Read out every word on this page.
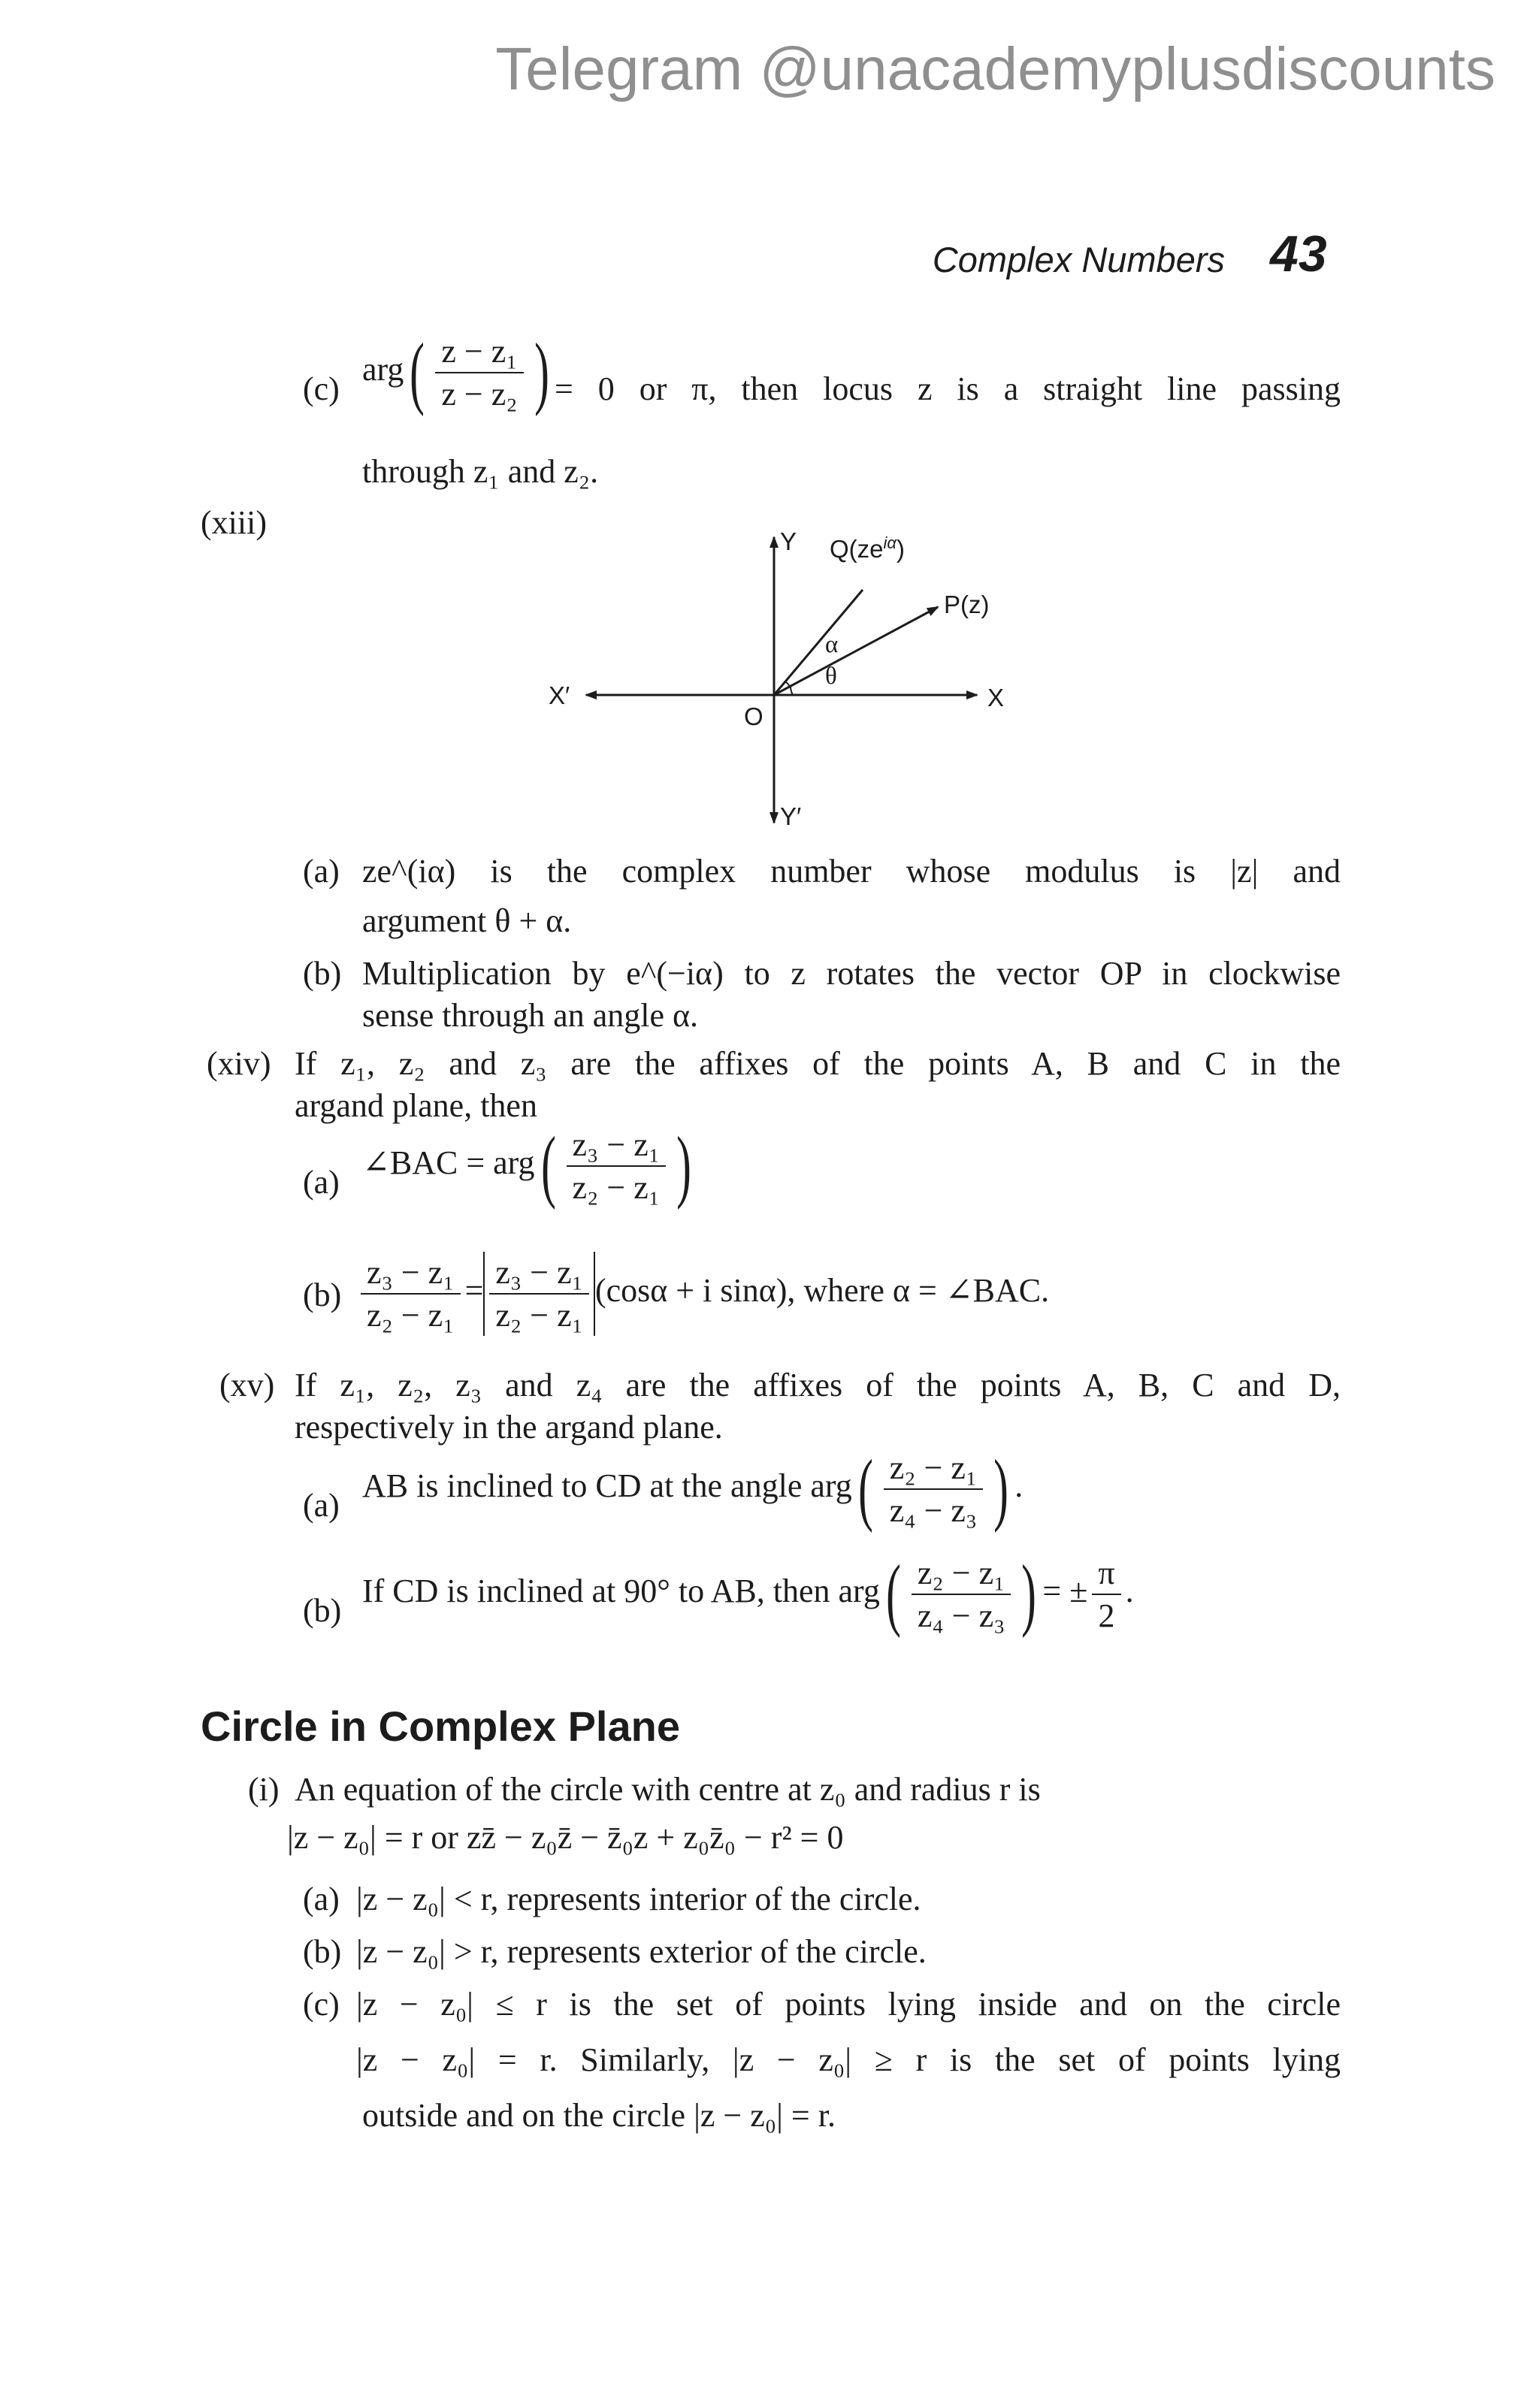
Telegram @unacademyplusdiscounts
Complex Numbers 43
(c)
$arg( \frac{\text{z − z₁}}{\text{z − z₂}}$ ) = 0 or π, then locus z is a straight line passing
through z₁ and z₂.
(xiii)
Y $Q(ze^{i\alpha})$
P(z)
α
θ
X′
O
X
Y′
(a) ze^(iα) is the complex number whose modulus is |z| and
argument θ + α.
(b) Multiplication by e^(−iα) to z rotates the vector OP in clockwise
sense through an angle α.
(xiv) If z₁, z₂ and z₃ are the affixes of the points A, B and C in the
argand plane, then
(a)
∠BAC = $arg( \frac{\text{z₃ − z₁}}{\text{z₂ − z₁}}$ )
$(b) \frac{\text{z₃ − z₁}}{\text{z₂ − z₁}} = \frac{\text{z₃ − z₁}}{\text{z₂ − z₁}} (\cos\alpha + i$ sinα), where α = ∠BAC.
(xv) If z₁, z₂, z₃ and z₄ are the affixes of the points A, B, C and D,
respectively in the argand plane.
(a)
AB is inclined to CD at the angle $arg( \frac{\text{z₂ − z₁}}{\text{z₄ − z₃}}$ ) .
(b)
If CD is inclined at 90° to AB, then $arg( \frac{\text{z₂ − z₁}}{\text{z₄ − z₃}}$ ) = ± $\frac{\pi}{2}$ .
Circle in Complex Plane
(i) An equation of the circle with centre at z₀ and radius r is
|z − z₀| = r or zz̄ − z₀z̄ − z̄₀z + z₀z̄₀ − r² = 0
(a) |z − z₀| < r, represents interior of the circle.
(b) |z − z₀| > r, represents exterior of the circle.
(c) |z − z₀| ≤ r is the set of points lying inside and on the circle
|z − z₀| = r. Similarly, |z − z₀| ≥ r is the set of points lying
outside and on the circle |z − z₀| = r.
